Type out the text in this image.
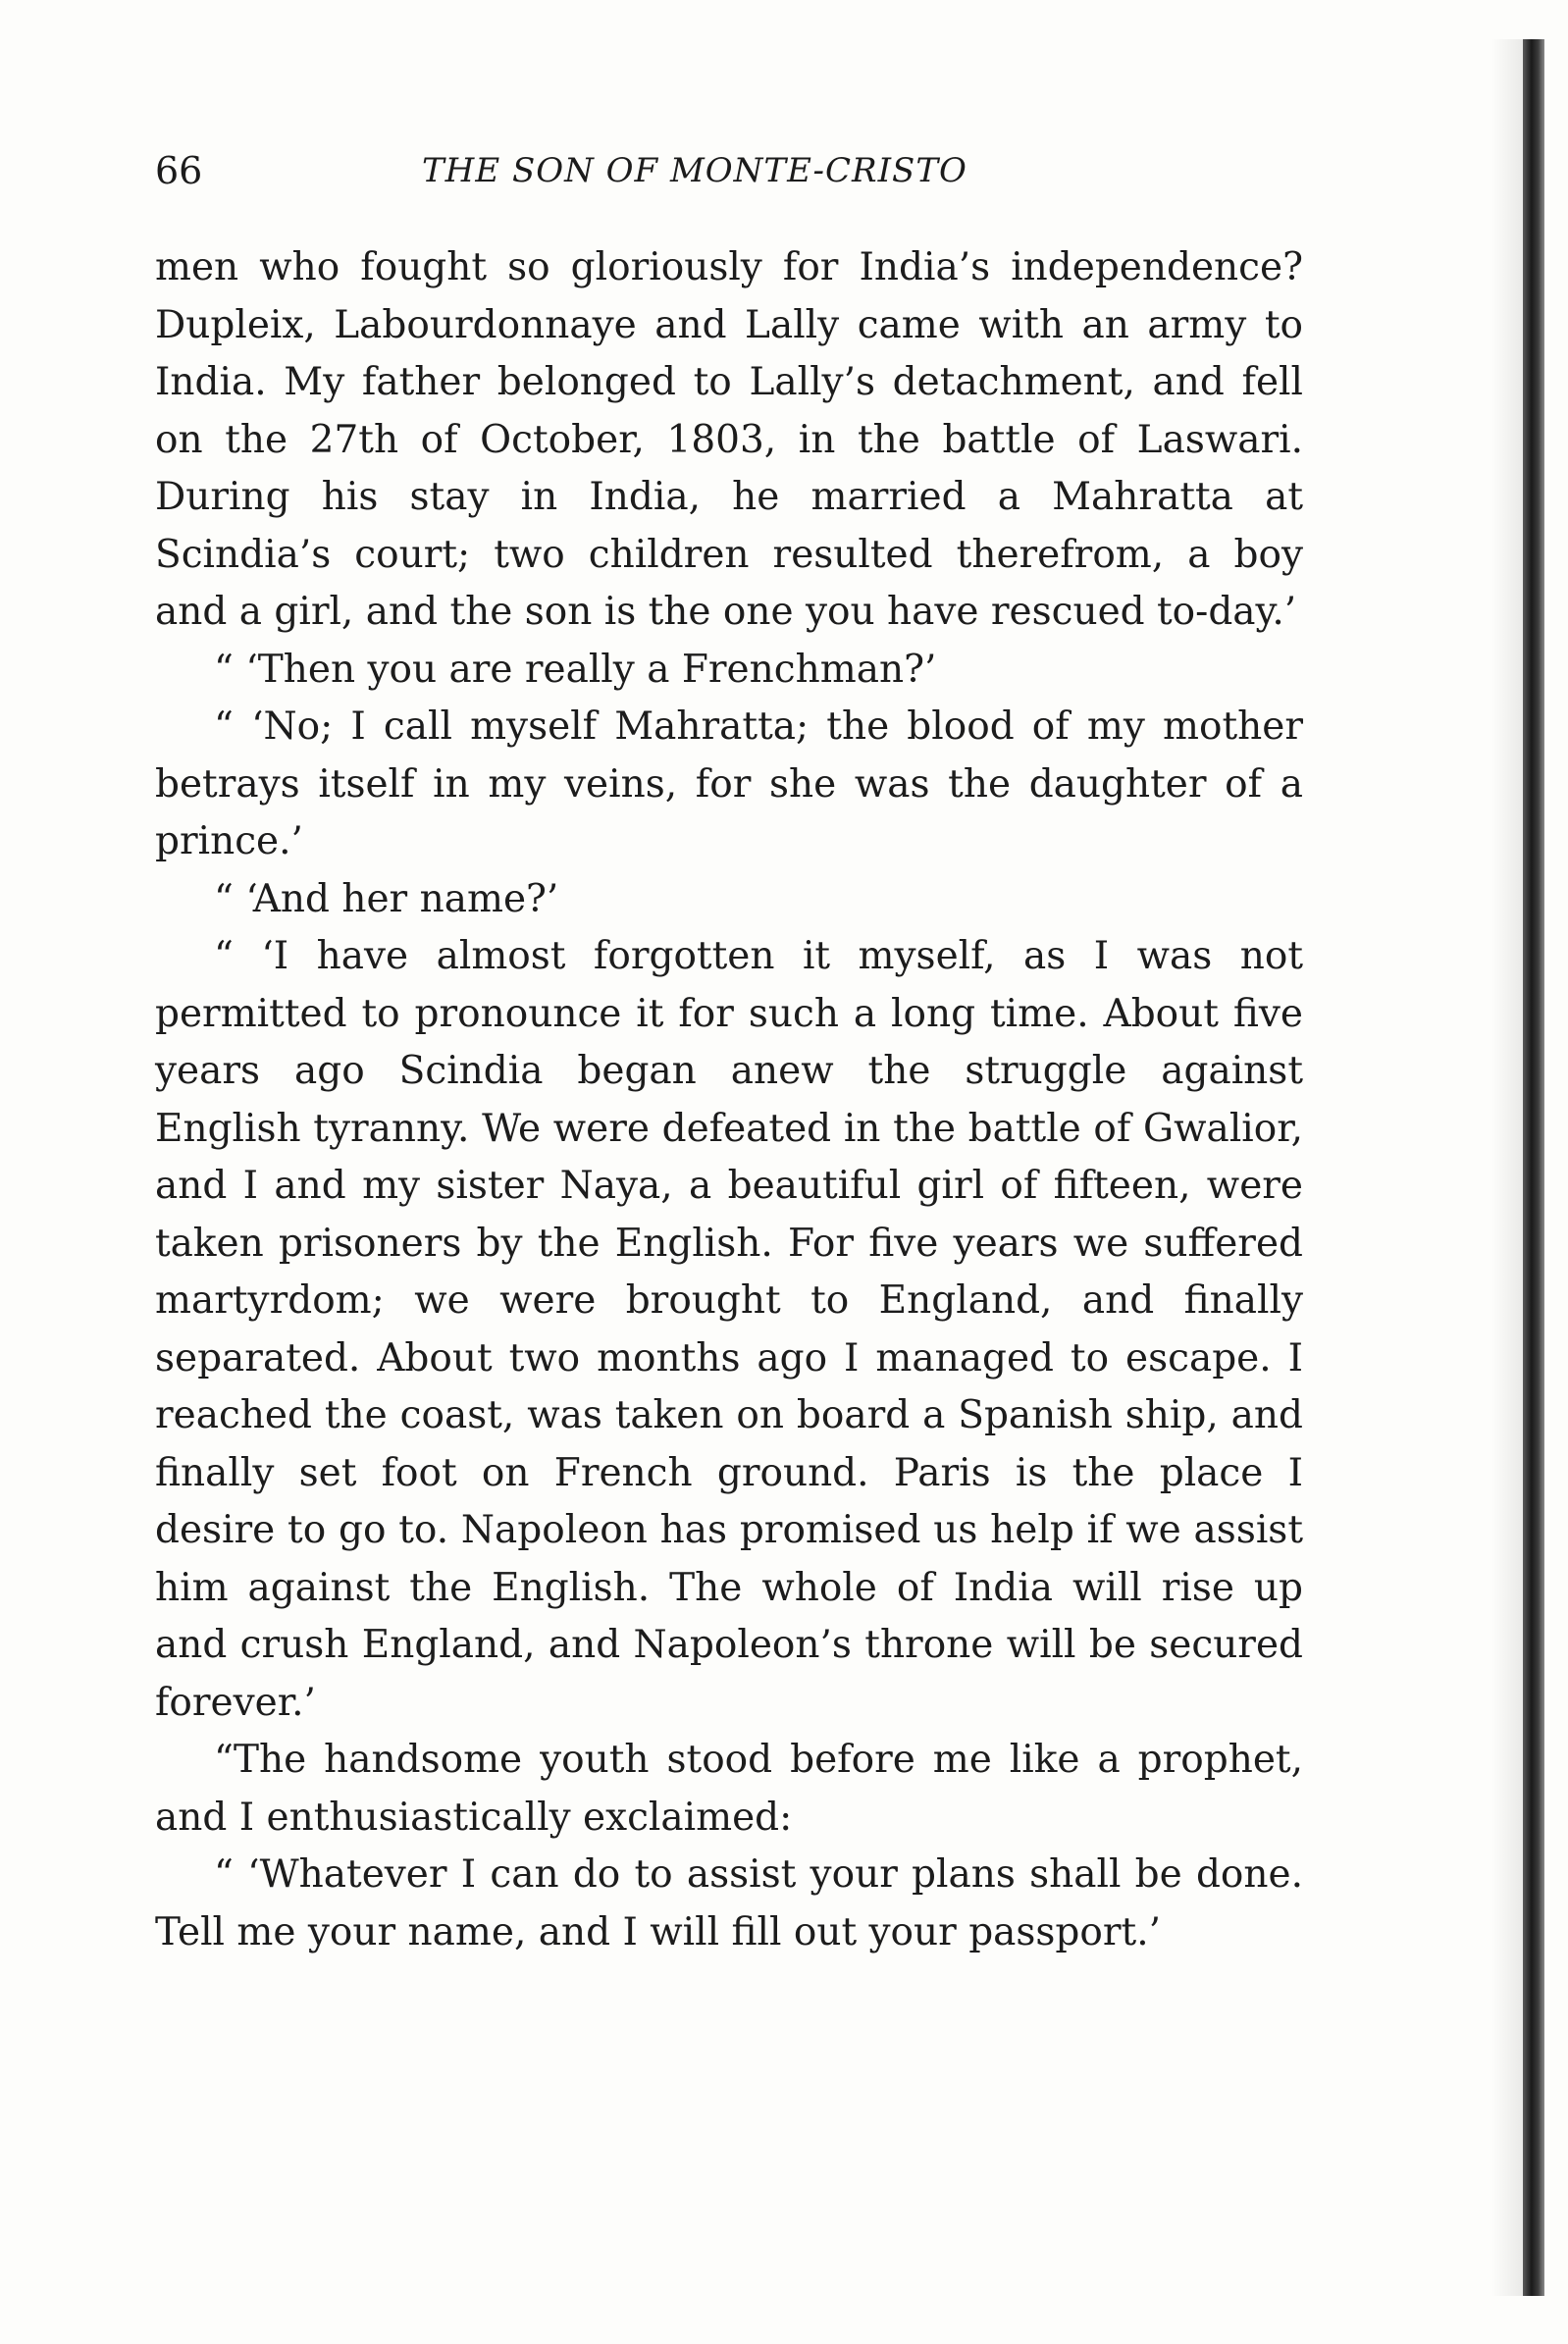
66	THE SON OF MONTE-CRISTO

men who fought so gloriously for India’s independence? Dupleix, Labourdonnaye and Lally came with an army to India. My father belonged to Lally’s detachment, and fell on the 27th of October, 1803, in the battle of Laswari. During his stay in India, he married a Mahratta at Scindia’s court; two children resulted therefrom, a boy and a girl, and the son is the one you have rescued to-day.’

“ ‘Then you are really a Frenchman?’

“ ‘No; I call myself Mahratta; the blood of my mother betrays itself in my veins, for she was the daughter of a prince.’

“ ‘And her name?’

“ ‘I have almost forgotten it myself, as I was not permitted to pronounce it for such a long time. About five years ago Scindia began anew the struggle against English tyranny. We were defeated in the battle of Gwalior, and I and my sister Naya, a beautiful girl of fifteen, were taken prisoners by the English. For five years we suffered martyrdom; we were brought to England, and finally separated. About two months ago I managed to escape. I reached the coast, was taken on board a Spanish ship, and finally set foot on French ground. Paris is the place I desire to go to. Napoleon has promised us help if we assist him against the English. The whole of India will rise up and crush England, and Napoleon’s throne will be secured forever.’

“The handsome youth stood before me like a prophet, and I enthusiastically exclaimed:

“ ‘Whatever I can do to assist your plans shall be done. Tell me your name, and I will fill out your passport.’
